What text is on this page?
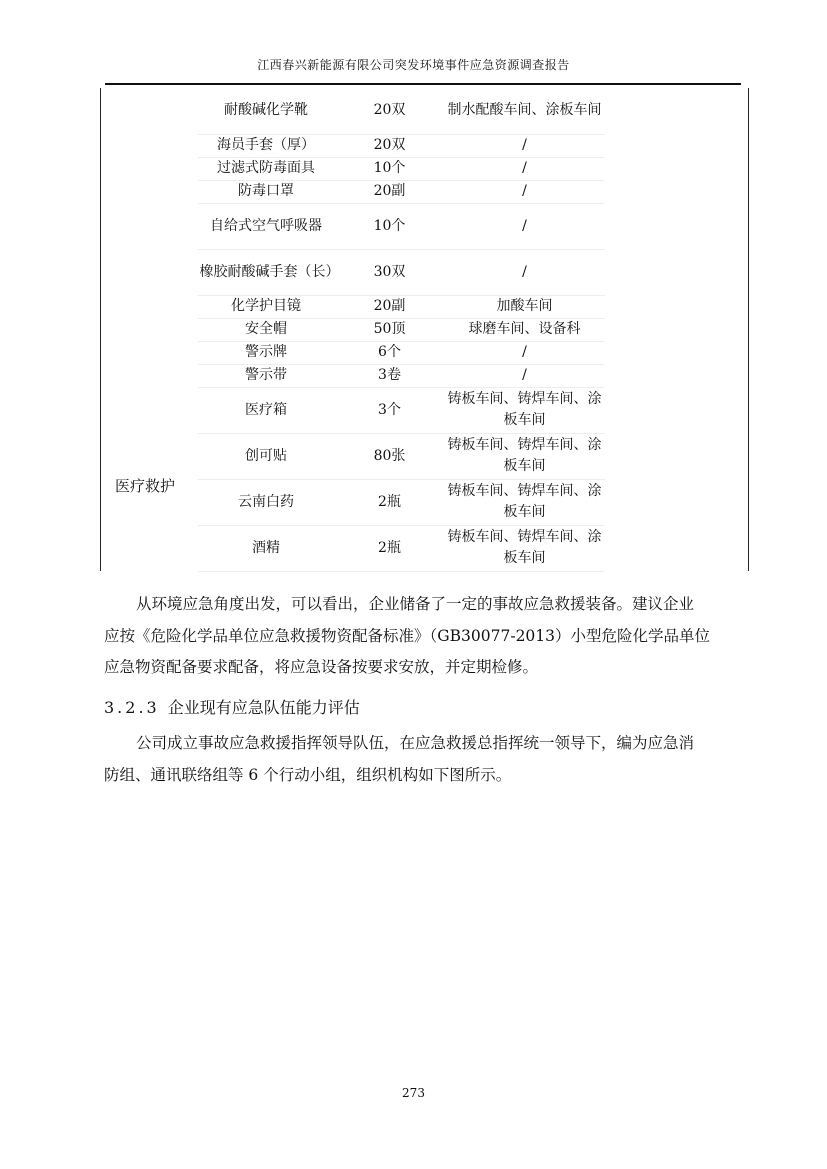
江西春兴新能源有限公司突发环境事件应急资源调查报告
医疗救护	耐酸碱化学靴	20双	制水配酸车间、涂板车间	
	海员手套（厚）	20双	/	
	过滤式防毒面具	10个	/	
	防毒口罩	20副	/	
	自给式空气呼吸器	10个	/	
	橡胶耐酸碱手套（长）	30双	/	
	化学护目镜	20副	加酸车间	
	安全帽	50顶	球磨车间、设备科	
	警示牌	6个	/	
	警示带	3卷	/	
	医疗箱	3个	铸板车间、铸焊车间、涂板车间	
	创可贴	80张	铸板车间、铸焊车间、涂板车间	
	云南白药	2瓶	铸板车间、铸焊车间、涂板车间	
	酒精	2瓶	铸板车间、铸焊车间、涂板车间	
从环境应急角度出发，可以看出，企业储备了一定的事故应急救援装备。建议企业
应按《危险化学品单位应急救援物资配备标准》（GB30077-2013）小型危险化学品单位
应急物资配备要求配备，将应急设备按要求安放，并定期检修。
3.2.3 企业现有应急队伍能力评估
公司成立事故应急救援指挥领导队伍，在应急救援总指挥统一领导下，编为应急消
防组、通讯联络组等 6 个行动小组，组织机构如下图所示。
273
